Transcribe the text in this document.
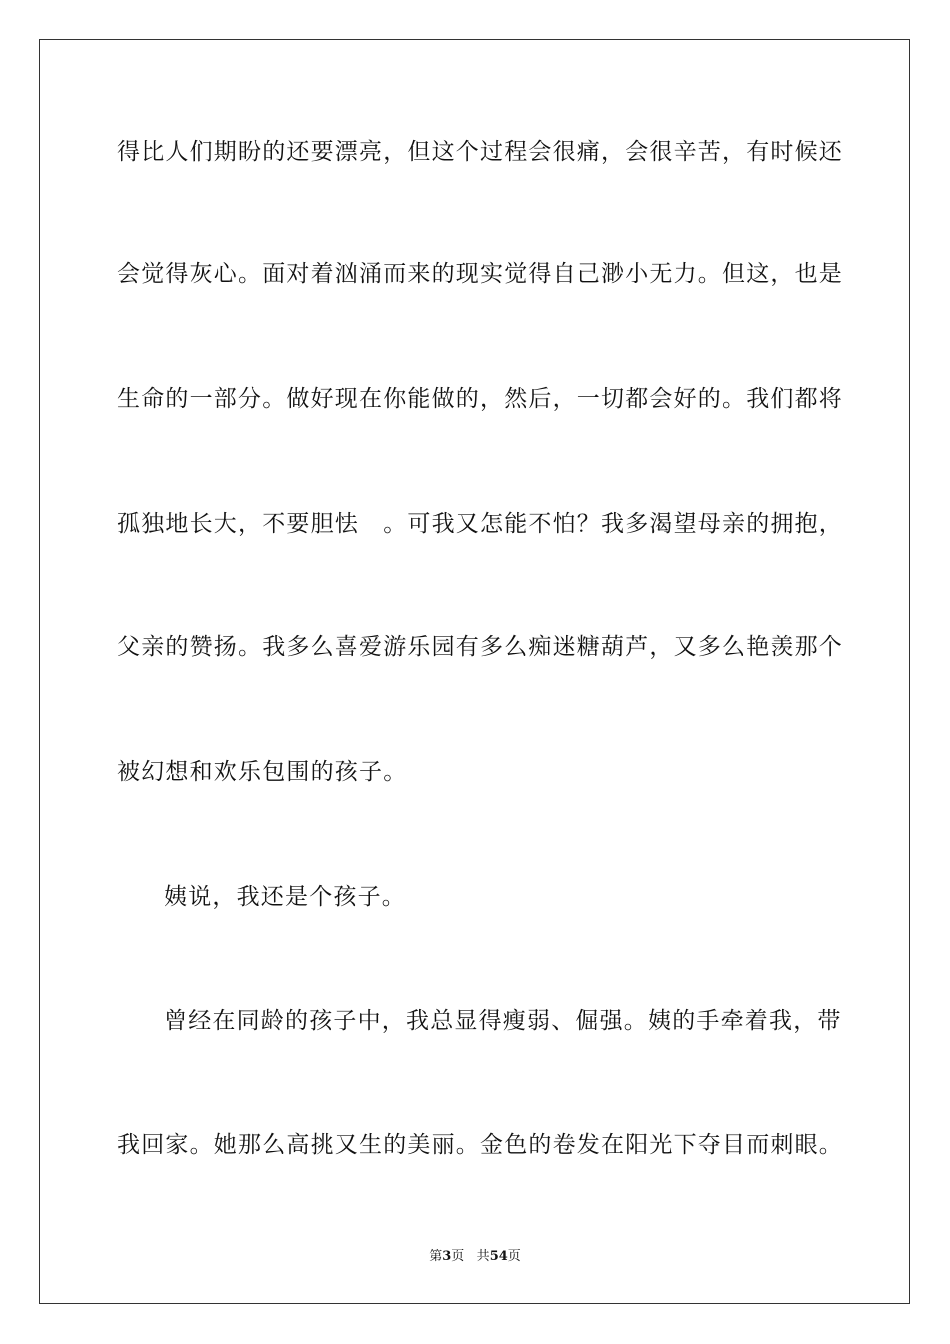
得比人们期盼的还要漂亮，但这个过程会很痛，会很辛苦，有时候还
会觉得灰心。面对着汹涌而来的现实觉得自己渺小无力。但这，也是
生命的一部分。做好现在你能做的，然后，一切都会好的。我们都将
孤独地长大，不要胆怯　。可我又怎能不怕？我多渴望母亲的拥抱，
父亲的赞扬。我多么喜爱游乐园有多么痴迷糖葫芦，又多么艳羡那个
被幻想和欢乐包围的孩子。
姨说，我还是个孩子。
曾经在同龄的孩子中，我总显得瘦弱、倔强。姨的手牵着我，带
我回家。她那么高挑又生的美丽。金色的卷发在阳光下夺目而刺眼。
第3页 共54页
